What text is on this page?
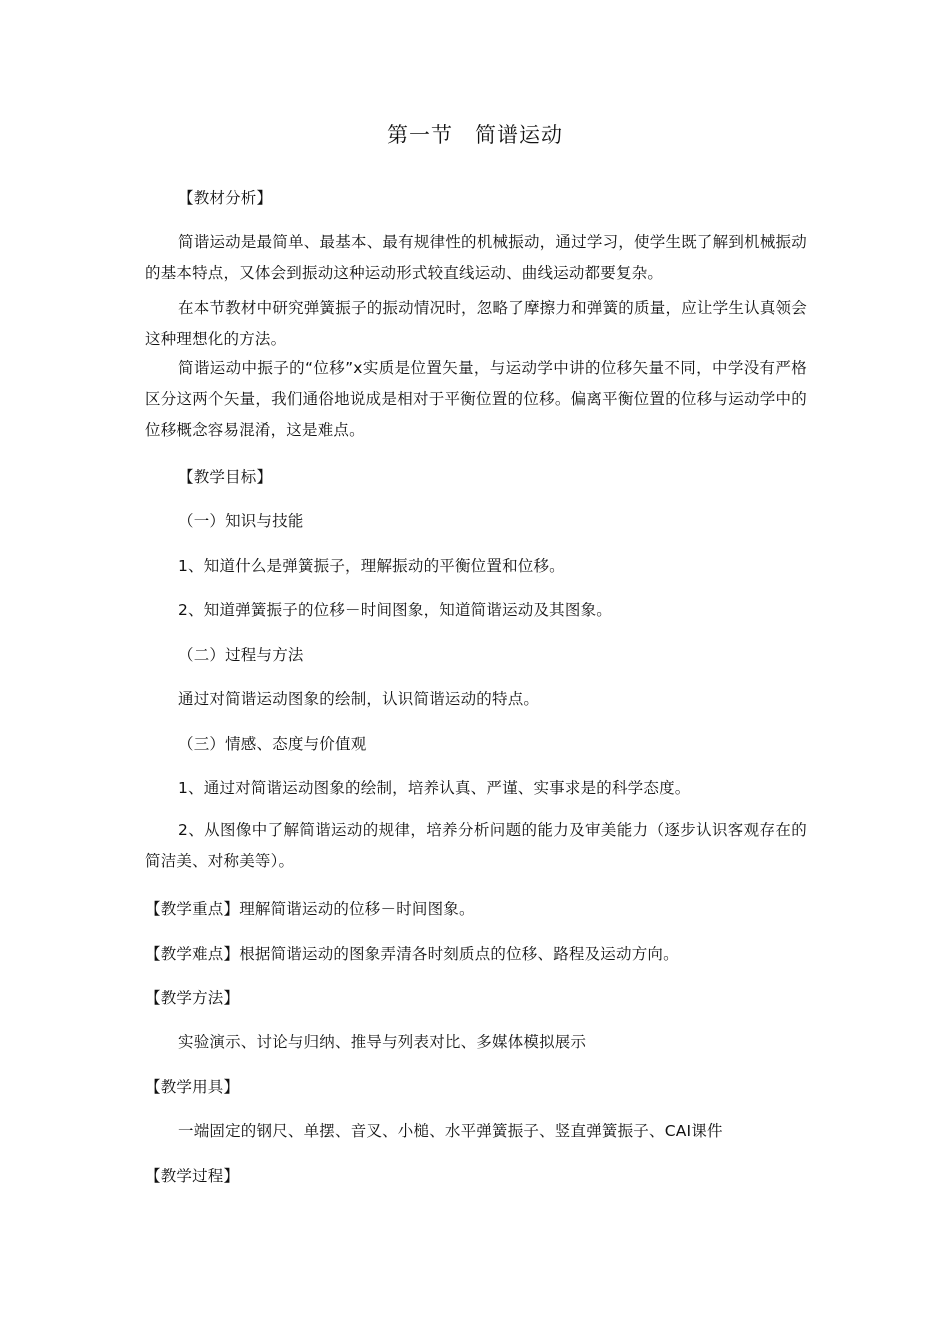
第一节　简谱运动
【教材分析】
简谐运动是最简单、最基本、最有规律性的机械振动，通过学习，使学生既了解到机械振动的基本特点，又体会到振动这种运动形式较直线运动、曲线运动都要复杂。
在本节教材中研究弹簧振子的振动情况时，忽略了摩擦力和弹簧的质量，应让学生认真领会这种理想化的方法。
简谐运动中振子的“位移”x实质是位置矢量，与运动学中讲的位移矢量不同，中学没有严格区分这两个矢量，我们通俗地说成是相对于平衡位置的位移。偏离平衡位置的位移与运动学中的位移概念容易混淆，这是难点。
【教学目标】
（一）知识与技能
1、知道什么是弹簧振子，理解振动的平衡位置和位移。
2、知道弹簧振子的位移－时间图象，知道简谐运动及其图象。
（二）过程与方法
通过对简谐运动图象的绘制，认识简谐运动的特点。
（三）情感、态度与价值观
1、通过对简谐运动图象的绘制，培养认真、严谨、实事求是的科学态度。
2、从图像中了解简谐运动的规律，培养分析问题的能力及审美能力（逐步认识客观存在的简洁美、对称美等）。
【教学重点】理解简谐运动的位移－时间图象。
【教学难点】根据简谐运动的图象弄清各时刻质点的位移、路程及运动方向。
【教学方法】
实验演示、讨论与归纳、推导与列表对比、多媒体模拟展示
【教学用具】
一端固定的钢尺、单摆、音叉、小槌、水平弹簧振子、竖直弹簧振子、CAI课件
【教学过程】
